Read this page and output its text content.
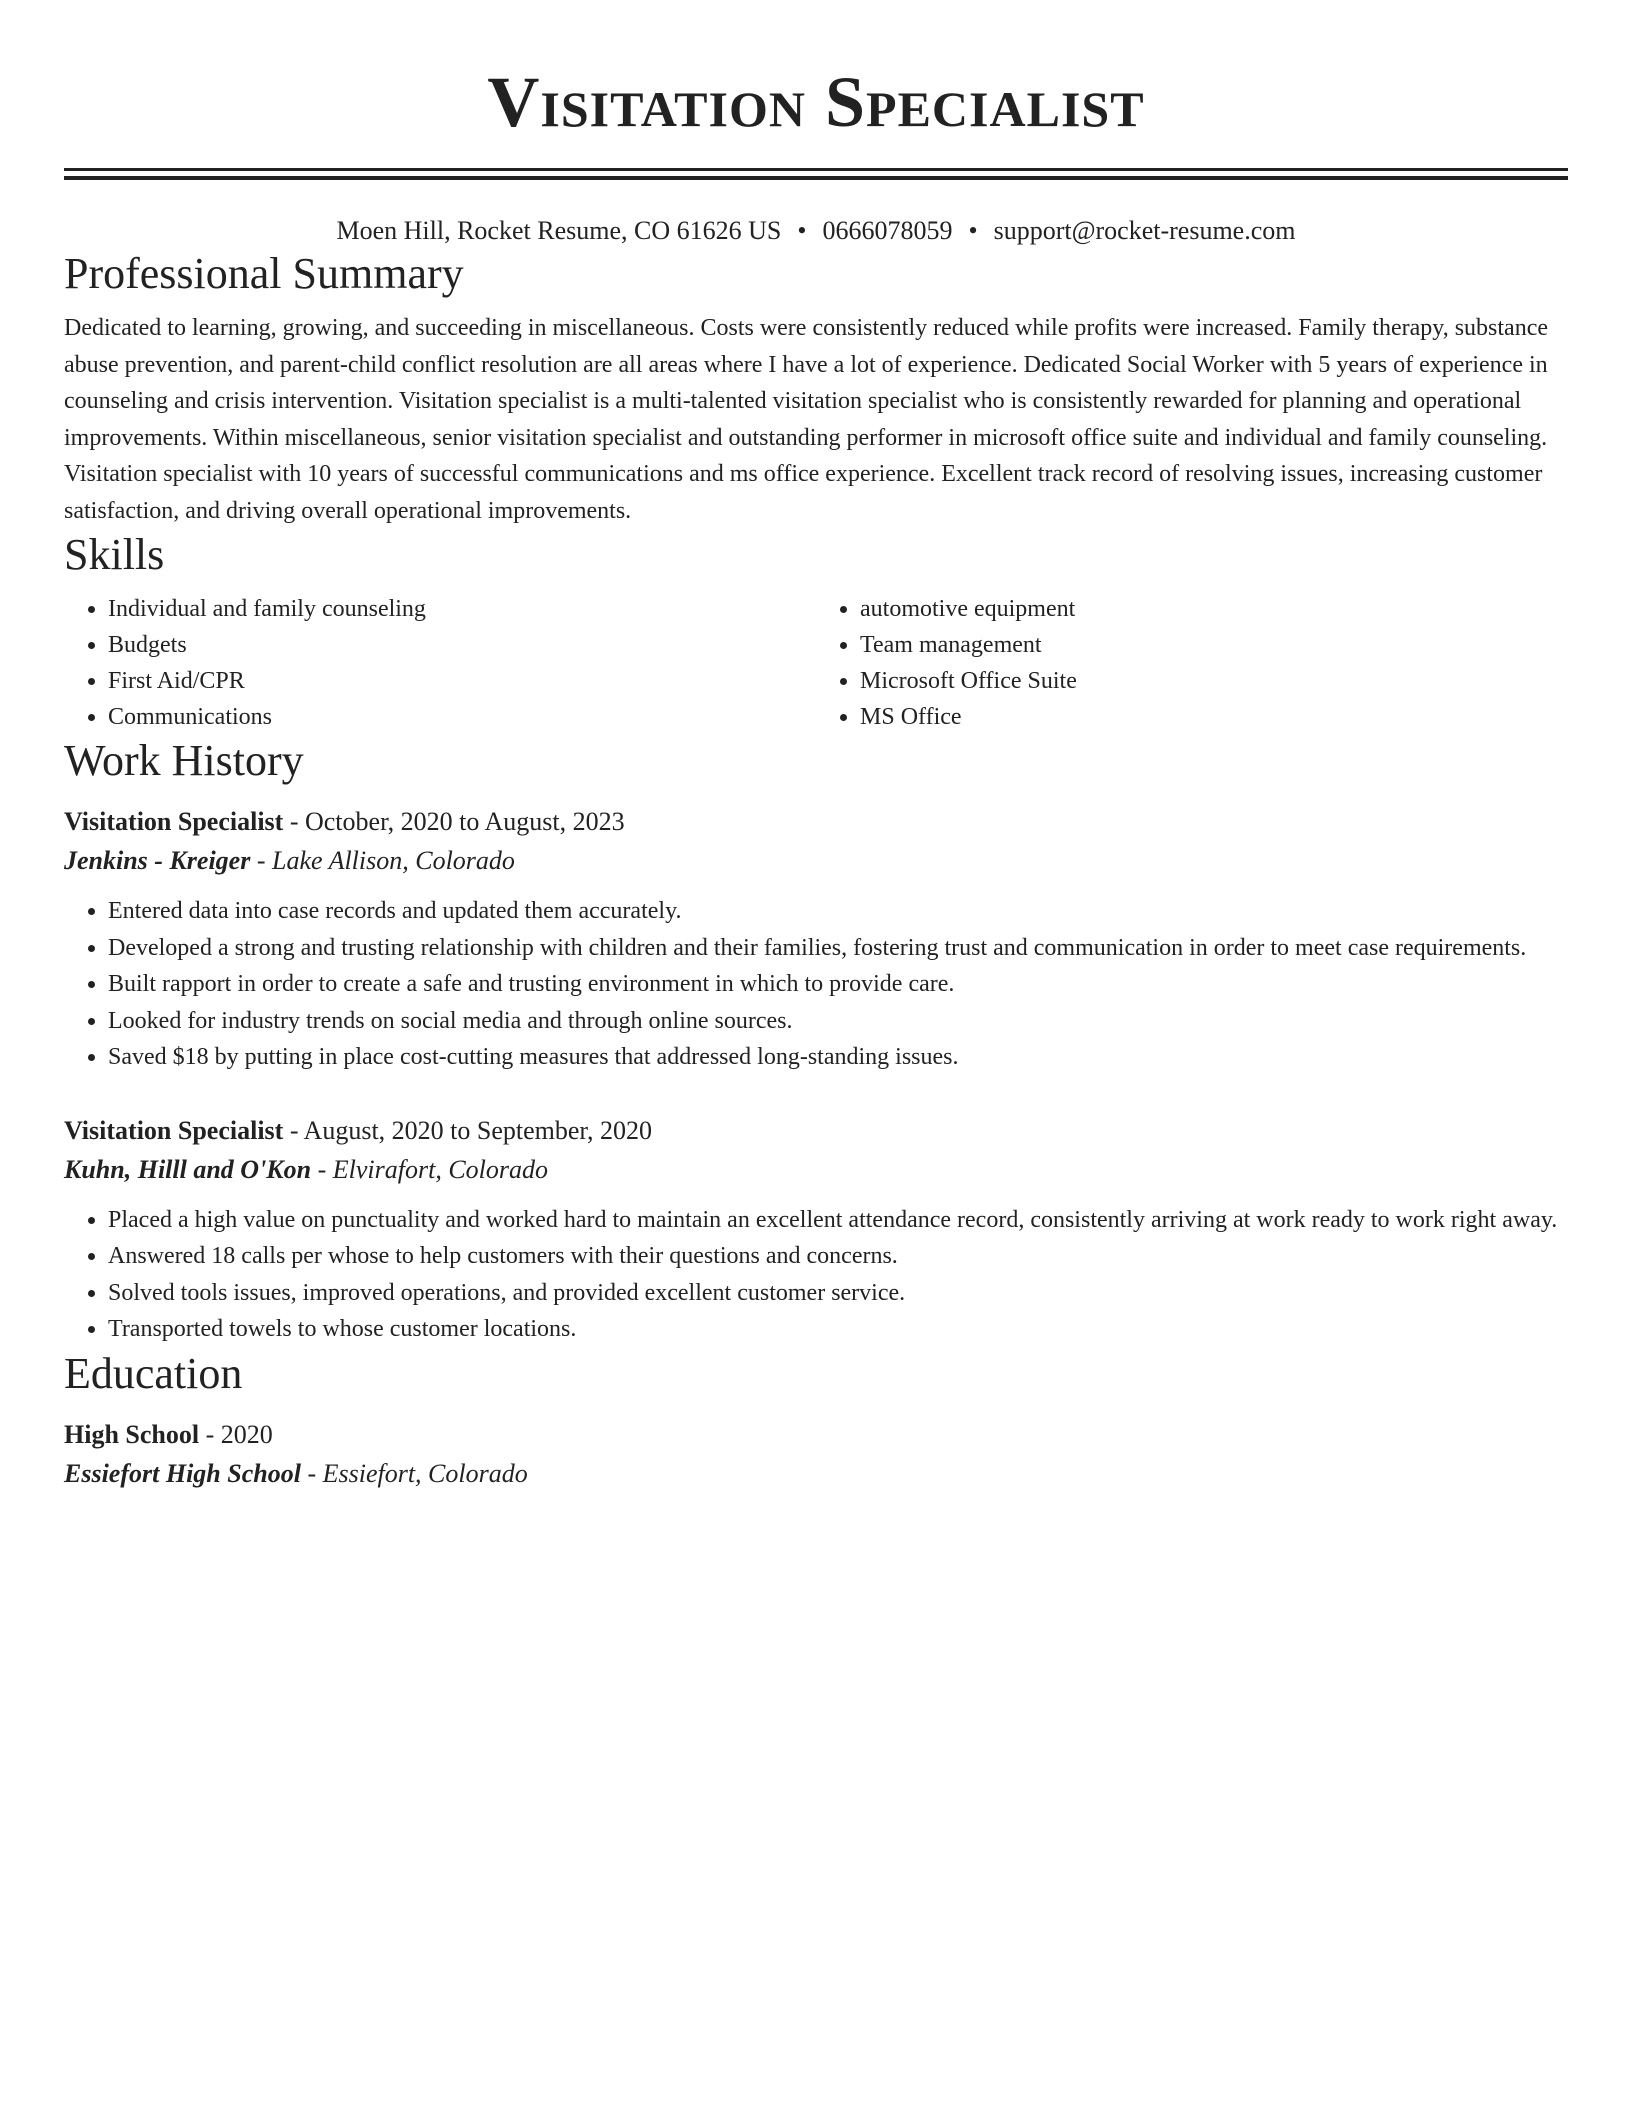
Visitation Specialist
Moen Hill, Rocket Resume, CO 61626 US • 0666078059 • support@rocket-resume.com
Professional Summary
Dedicated to learning, growing, and succeeding in miscellaneous. Costs were consistently reduced while profits were increased. Family therapy, substance abuse prevention, and parent-child conflict resolution are all areas where I have a lot of experience. Dedicated Social Worker with 5 years of experience in counseling and crisis intervention. Visitation specialist is a multi-talented visitation specialist who is consistently rewarded for planning and operational improvements. Within miscellaneous, senior visitation specialist and outstanding performer in microsoft office suite and individual and family counseling. Visitation specialist with 10 years of successful communications and ms office experience. Excellent track record of resolving issues, increasing customer satisfaction, and driving overall operational improvements.
Skills
• Individual and family counseling
• Budgets
• First Aid/CPR
• Communications
• automotive equipment
• Team management
• Microsoft Office Suite
• MS Office
Work History
Visitation Specialist - October, 2020 to August, 2023
Jenkins - Kreiger - Lake Allison, Colorado
• Entered data into case records and updated them accurately.
• Developed a strong and trusting relationship with children and their families, fostering trust and communication in order to meet case requirements.
• Built rapport in order to create a safe and trusting environment in which to provide care.
• Looked for industry trends on social media and through online sources.
• Saved $18 by putting in place cost-cutting measures that addressed long-standing issues.
Visitation Specialist - August, 2020 to September, 2020
Kuhn, Hilll and O'Kon - Elvirafort, Colorado
• Placed a high value on punctuality and worked hard to maintain an excellent attendance record, consistently arriving at work ready to work right away.
• Answered 18 calls per whose to help customers with their questions and concerns.
• Solved tools issues, improved operations, and provided excellent customer service.
• Transported towels to whose customer locations.
Education
High School - 2020
Essiefort High School - Essiefort, Colorado
